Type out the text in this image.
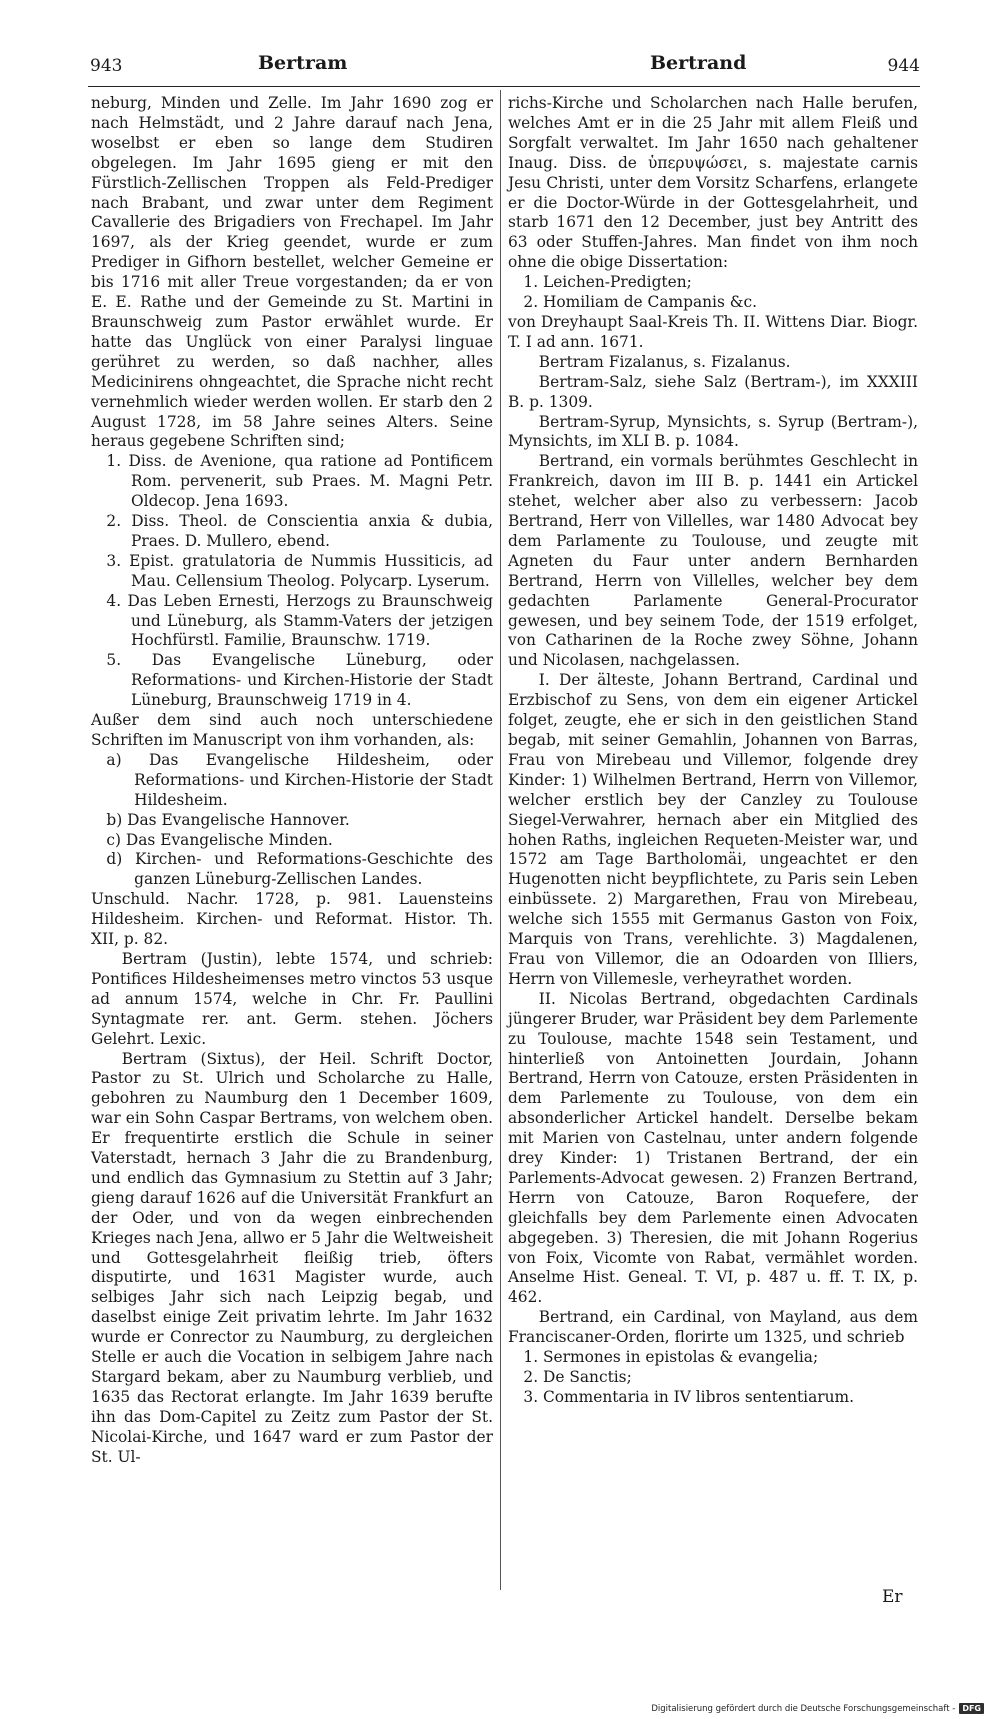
943	Bertram	Bertrand	944

neburg, Minden und Zelle. Im Jahr 1690 zog er nach Helmstädt, und 2 Jahre darauf nach Jena, woselbst er eben so lange dem Studiren obgelegen. Im Jahr 1695 gieng er mit den Fürstlich-Zellischen Troppen als Feld-Prediger nach Brabant, und zwar unter dem Regiment Cavallerie des Brigadiers von Frechapel. Im Jahr 1697, als der Krieg geendet, wurde er zum Prediger in Gifhorn bestellet, welcher Gemeine er bis 1716 mit aller Treue vorgestanden; da er von E. E. Rathe und der Gemeinde zu St. Martini in Braunschweig zum Pastor erwählet wurde. Er hatte das Unglück von einer Paralysi linguae gerühret zu werden, so daß nachher, alles Medicinirens ohngeachtet, die Sprache nicht recht vernehmlich wieder werden wollen. Er starb den 2 August 1728, im 58 Jahre seines Alters. Seine heraus gegebene Schriften sind;

1. Diss. de Avenione, qua ratione ad Pontificem Rom. pervenerit, sub Praes. M. Magni Petr. Oldecop. Jena 1693.
2. Diss. Theol. de Conscientia anxia & dubia, Praes. D. Mullero, ebend.
3. Epist. gratulatoria de Nummis Hussiticis, ad Mau. Cellensium Theolog. Polycarp. Lyserum.
4. Das Leben Ernesti, Herzogs zu Braunschweig und Lüneburg, als Stamm-Vaters der jetzigen Hochfürstl. Familie, Braunschw. 1719.
5. Das Evangelische Lüneburg, oder Reformations- und Kirchen-Historie der Stadt Lüneburg, Braunschweig 1719 in 4.

Außer dem sind auch noch unterschiedene Schriften im Manuscript von ihm vorhanden, als:

a) Das Evangelische Hildesheim, oder Reformations- und Kirchen-Historie der Stadt Hildesheim.
b) Das Evangelische Hannover.
c) Das Evangelische Minden.
d) Kirchen- und Reformations-Geschichte des ganzen Lüneburg-Zellischen Landes.

Unschuld. Nachr. 1728, p. 981. Lauensteins Hildesheim. Kirchen- und Reformat. Histor. Th. XII, p. 82.

Bertram (Justin), lebte 1574, und schrieb: Pontifices Hildesheimenses metro vinctos 53 usque ad annum 1574, welche in Chr. Fr. Paullini Syntagmate rer. ant. Germ. stehen. Jöchers Gelehrt. Lexic.

Bertram (Sixtus), der Heil. Schrift Doctor, Pastor zu St. Ulrich und Scholarche zu Halle, gebohren zu Naumburg den 1 December 1609, war ein Sohn Caspar Bertrams, von welchem oben. Er frequentirte erstlich die Schule in seiner Vaterstadt, hernach 3 Jahr die zu Brandenburg, und endlich das Gymnasium zu Stettin auf 3 Jahr; gieng darauf 1626 auf die Universität Frankfurt an der Oder, und von da wegen einbrechenden Krieges nach Jena, allwo er 5 Jahr die Weltweisheit und Gottesgelahrheit fleißig trieb, öfters disputirte, und 1631 Magister wurde, auch selbiges Jahr sich nach Leipzig begab, und daselbst einige Zeit privatim lehrte. Im Jahr 1632 wurde er Conrector zu Naumburg, zu dergleichen Stelle er auch die Vocation in selbigem Jahre nach Stargard bekam, aber zu Naumburg verblieb, und 1635 das Rectorat erlangte. Im Jahr 1639 berufte ihn das Dom-Capitel zu Zeitz zum Pastor der St. Nicolai-Kirche, und 1647 ward er zum Pastor der St. Ul-

richs-Kirche und Scholarchen nach Halle berufen, welches Amt er in die 25 Jahr mit allem Fleiß und Sorgfalt verwaltet. Im Jahr 1650 nach gehaltener Inaug. Diss. de ὑπερυψώσει, s. majestate carnis Jesu Christi, unter dem Vorsitz Scharfens, erlangete er die Doctor-Würde in der Gottesgelahrheit, und starb 1671 den 12 December, just bey Antritt des 63 oder Stuffen-Jahres. Man findet von ihm noch ohne die obige Dissertation:

1. Leichen-Predigten;
2. Homiliam de Campanis &c.

von Dreyhaupt Saal-Kreis Th. II. Wittens Diar. Biogr. T. I ad ann. 1671.

Bertram Fizalanus, s. Fizalanus.

Bertram-Salz, siehe Salz (Bertram-), im XXXIII B. p. 1309.

Bertram-Syrup, Mynsichts, s. Syrup (Bertram-), Mynsichts, im XLI B. p. 1084.

Bertrand, ein vormals berühmtes Geschlecht in Frankreich, davon im III B. p. 1441 ein Artickel stehet, welcher aber also zu verbessern: Jacob Bertrand, Herr von Villelles, war 1480 Advocat bey dem Parlamente zu Toulouse, und zeugte mit Agneten du Faur unter andern Bernharden Bertrand, Herrn von Villelles, welcher bey dem gedachten Parlamente General-Procurator gewesen, und bey seinem Tode, der 1519 erfolget, von Catharinen de la Roche zwey Söhne, Johann und Nicolasen, nachgelassen.

I. Der älteste, Johann Bertrand, Cardinal und Erzbischof zu Sens, von dem ein eigener Artickel folget, zeugte, ehe er sich in den geistlichen Stand begab, mit seiner Gemahlin, Johannen von Barras, Frau von Mirebeau und Villemor, folgende drey Kinder: 1) Wilhelmen Bertrand, Herrn von Villemor, welcher erstlich bey der Canzley zu Toulouse Siegel-Verwahrer, hernach aber ein Mitglied des hohen Raths, ingleichen Requeten-Meister war, und 1572 am Tage Bartholomäi, ungeachtet er den Hugenotten nicht beypflichtete, zu Paris sein Leben einbüssete. 2) Margarethen, Frau von Mirebeau, welche sich 1555 mit Germanus Gaston von Foix, Marquis von Trans, verehlichte. 3) Magdalenen, Frau von Villemor, die an Odoarden von Illiers, Herrn von Villemesle, verheyrathet worden.

II. Nicolas Bertrand, obgedachten Cardinals jüngerer Bruder, war Präsident bey dem Parlemente zu Toulouse, machte 1548 sein Testament, und hinterließ von Antoinetten Jourdain, Johann Bertrand, Herrn von Catouze, ersten Präsidenten in dem Parlemente zu Toulouse, von dem ein absonderlicher Artickel handelt. Derselbe bekam mit Marien von Castelnau, unter andern folgende drey Kinder: 1) Tristanen Bertrand, der ein Parlements-Advocat gewesen. 2) Franzen Bertrand, Herrn von Catouze, Baron Roquefere, der gleichfalls bey dem Parlemente einen Advocaten abgegeben. 3) Theresien, die mit Johann Rogerius von Foix, Vicomte von Rabat, vermählet worden. Anselme Hist. Geneal. T. VI, p. 487 u. ff. T. IX, p. 462.

Bertrand, ein Cardinal, von Mayland, aus dem Franciscaner-Orden, florirte um 1325, und schrieb

1. Sermones in epistolas & evangelia;
2. De Sanctis;
3. Commentaria in IV libros sententiarum.
Er
Digitalisierung gefördert durch die Deutsche Forschungsgemeinschaft - DFG
